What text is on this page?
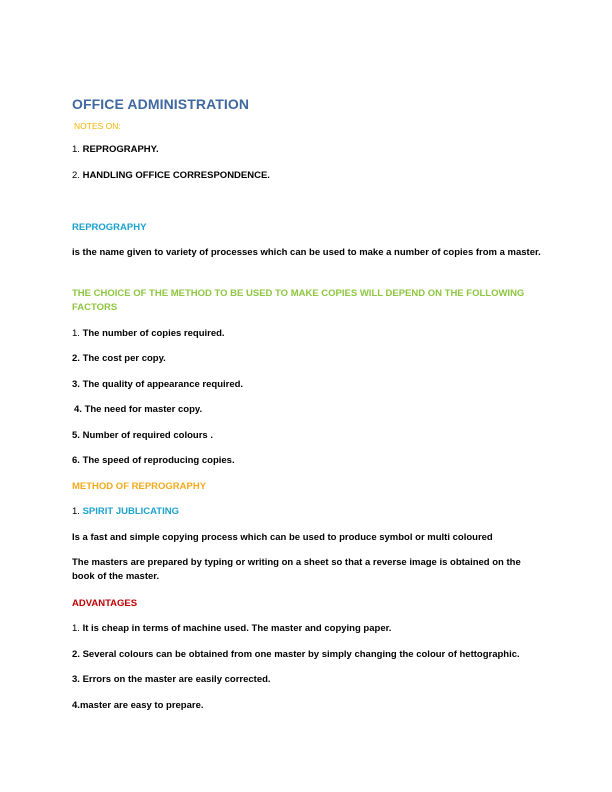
OFFICE ADMINISTRATION
NOTES ON:
1. REPROGRAPHY.
2. HANDLING OFFICE CORRESPONDENCE.
REPROGRAPHY
is the name given to variety of processes which can be used to make a number of copies from a master.
THE CHOICE OF THE METHOD TO BE USED TO MAKE COPIES WILL DEPEND ON THE FOLLOWING FACTORS
1. The number of copies required.
2. The cost per copy.
3. The quality of appearance required.
4. The need for master copy.
5. Number of required colours .
6. The speed of reproducing copies.
METHOD OF REPROGRAPHY
1. SPIRIT JUBLICATING
Is a fast and simple copying process which can be used to produce symbol or multi coloured
The masters are prepared by typing or writing on a sheet so that a reverse image is obtained on the book of the master.
ADVANTAGES
1. It is cheap in terms of machine used. The master and copying paper.
2. Several colours can be obtained from one master by simply changing the colour of hettographic.
3. Errors on the master are easily corrected.
4.master are easy to prepare.
